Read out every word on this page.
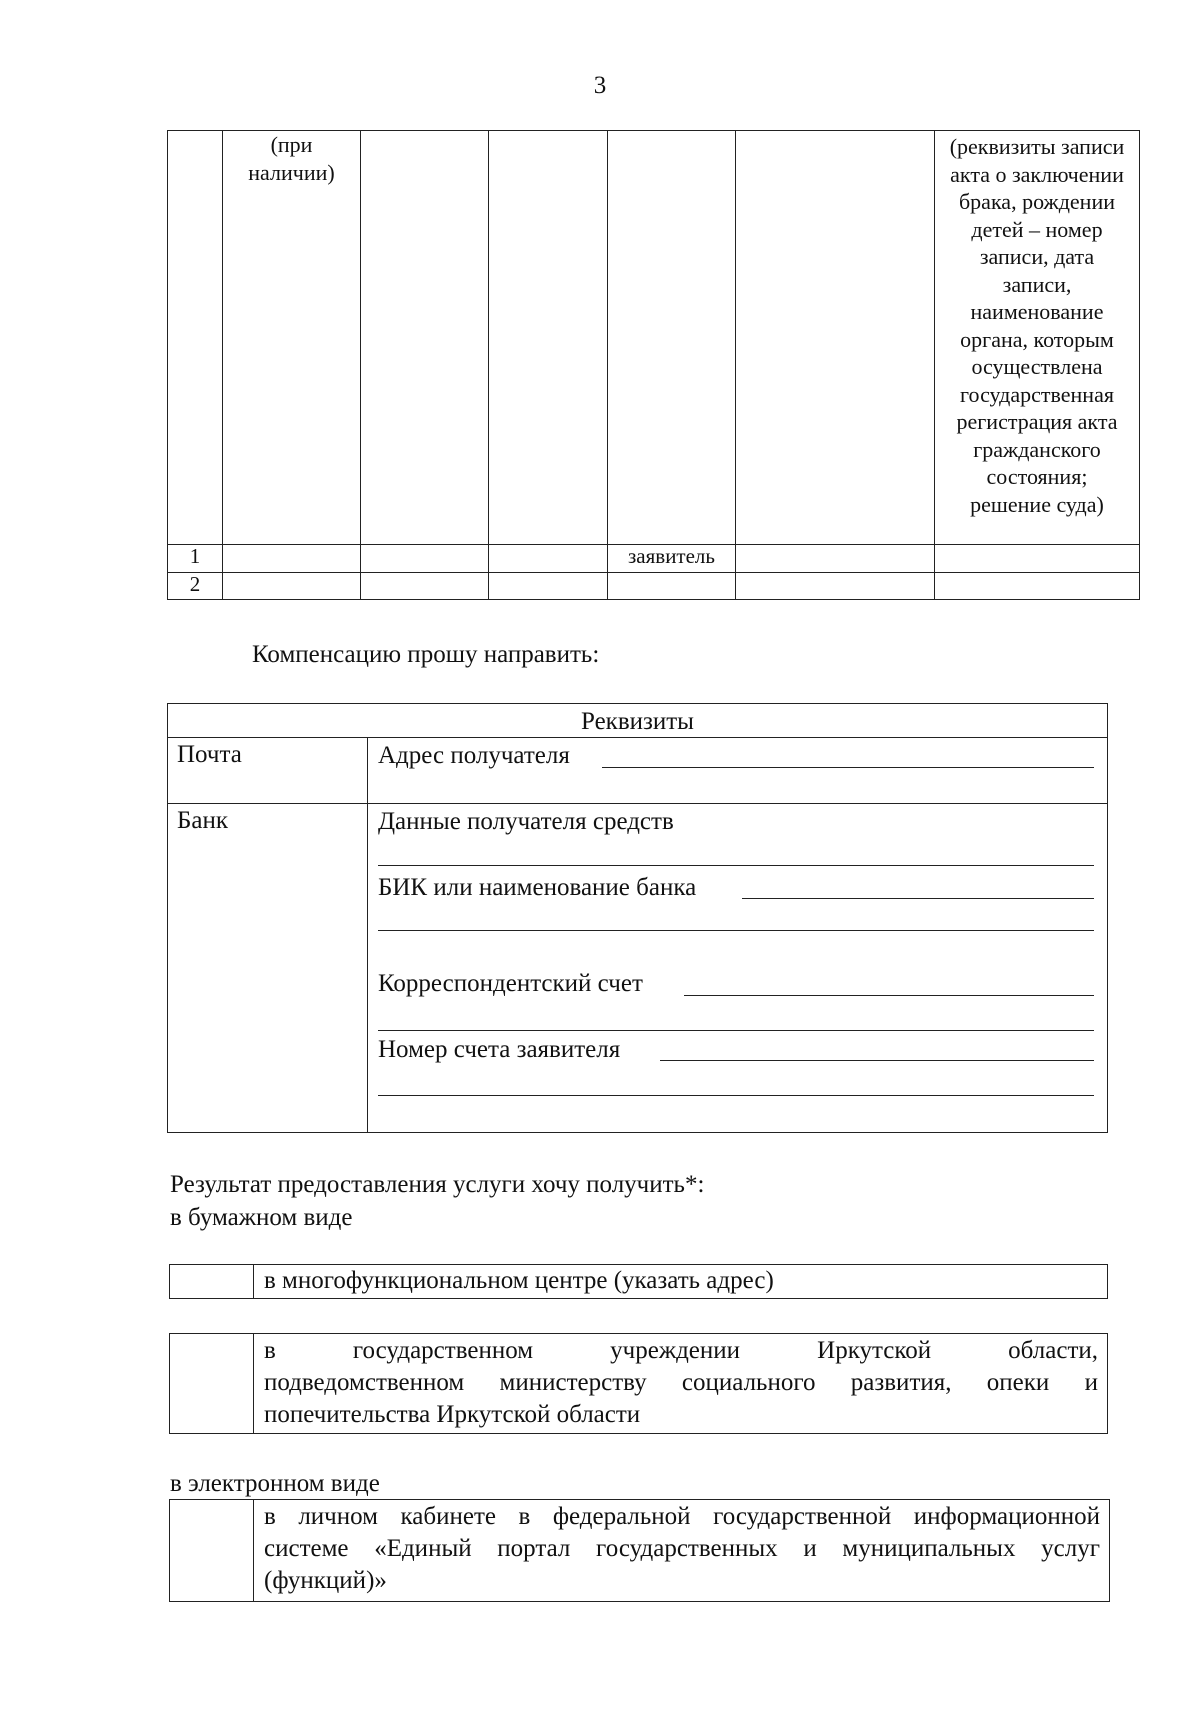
3

	(при наличии)					(реквизиты записи акта о заключении брака, рождении детей – номер записи, дата записи, наименование органа, которым осуществлена государственная регистрация акта гражданского состояния; решение суда)

1				заявитель		
2						
Компенсацию прошу направить:
Реквизиты
Почта	Адрес получателя
Банк	Данные получателя средств
БИК или наименование банка
Корреспондентский счет
Номер счета заявителя
Результат предоставления услуги хочу получить*:
в бумажном виде
в многофункциональном центре (указать адрес)
в государственном учреждении Иркутской области,
подведомственном министерству социального развития, опеки и
попечительства Иркутской области
в электронном виде
в личном кабинете в федеральной государственной информационной
системе «Единый портал государственных и муниципальных услуг
(функций)»
